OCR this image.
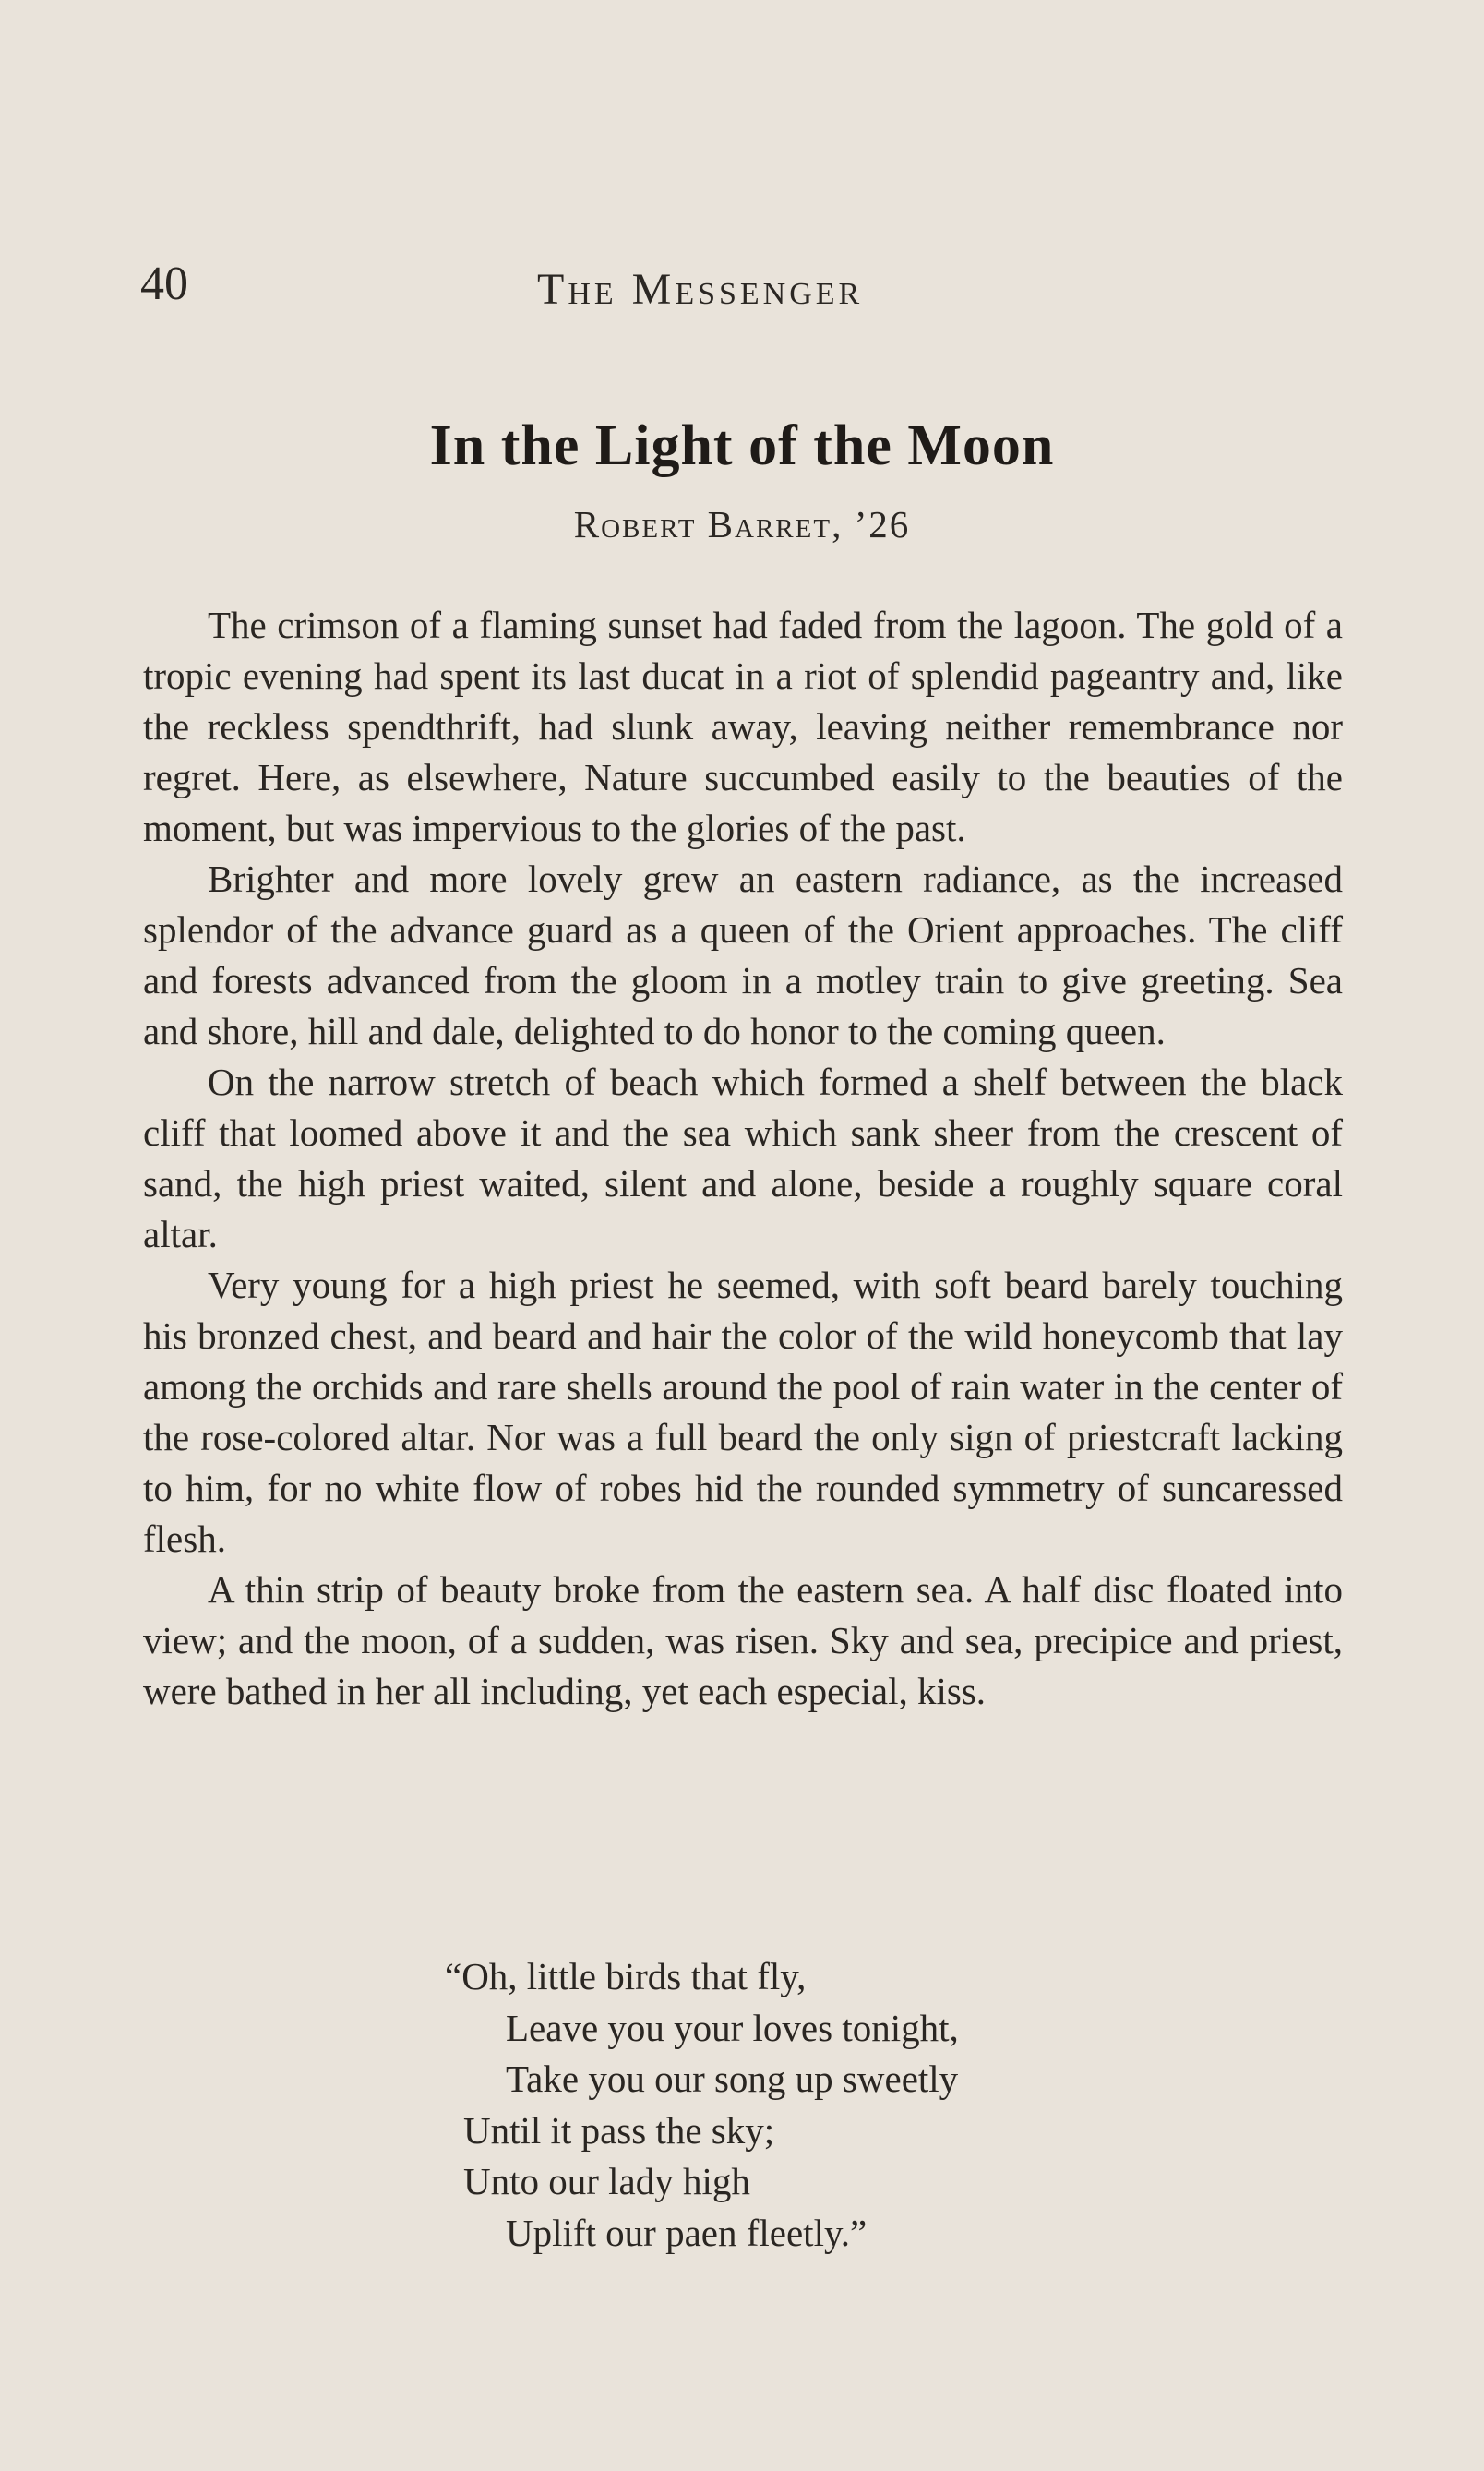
40	The Messenger
In the Light of the Moon
Robert Barret, ’26

The crimson of a flaming sunset had faded from the lagoon. The gold of a tropic evening had spent its last ducat in a riot of splendid pageantry and, like the reckless spendthrift, had slunk away, leaving neither remembrance nor regret. Here, as elsewhere, Nature succumbed easily to the beauties of the moment, but was impervious to the glories of the past.

Brighter and more lovely grew an eastern radiance, as the increased splendor of the advance guard as a queen of the Orient approaches. The cliff and forests advanced from the gloom in a motley train to give greeting. Sea and shore, hill and dale, delighted to do honor to the coming queen.

On the narrow stretch of beach which formed a shelf between the black cliff that loomed above it and the sea which sank sheer from the crescent of sand, the high priest waited, silent and alone, beside a roughly square coral altar.

Very young for a high priest he seemed, with soft beard barely touching his bronzed chest, and beard and hair the color of the wild honeycomb that lay among the orchids and rare shells around the pool of rain water in the center of the rose-colored altar. Nor was a full beard the only sign of priestcraft lacking to him, for no white flow of robes hid the rounded symmetry of suncaressed flesh.

A thin strip of beauty broke from the eastern sea. A half disc floated into view; and the moon, of a sudden, was risen. Sky and sea, precipice and priest, were bathed in her all including, yet each especial, kiss.

“Oh, little birds that fly,
Leave you your loves tonight,
Take you our song up sweetly
Until it pass the sky;
Unto our lady high
Uplift our paen fleetly.”
